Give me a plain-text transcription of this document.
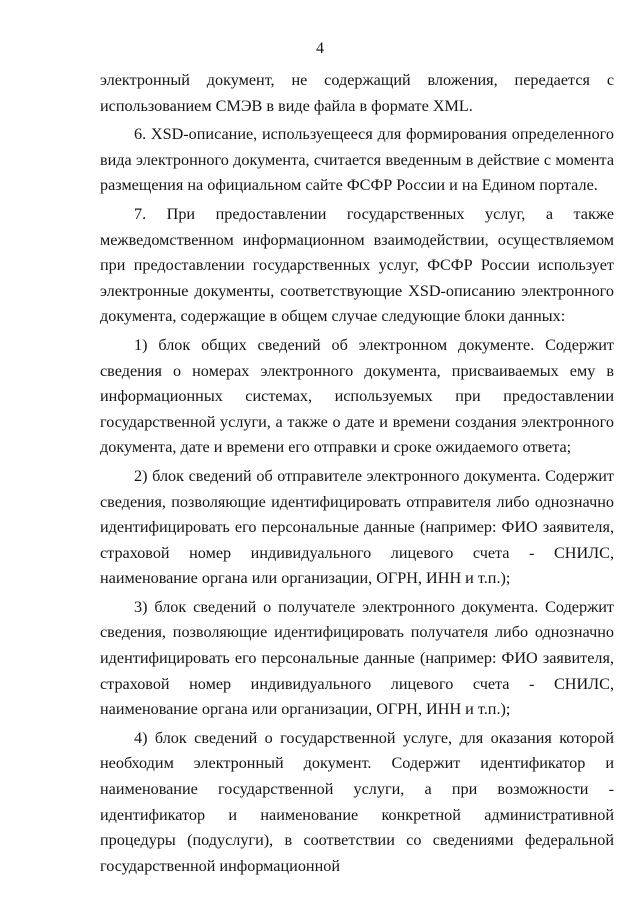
4

электронный документ, не содержащий вложения, передается с использованием СМЭВ в виде файла в формате XML.

6. XSD-описание, используещееся для формирования определенного вида электронного документа, считается введенным в действие с момента размещения на официальном сайте ФСФР России и на Едином портале.

7. При предоставлении государственных услуг, а также межведомственном информационном взаимодействии, осуществляемом при предоставлении государственных услуг, ФСФР России использует электронные документы, соответствующие XSD-описанию электронного документа, содержащие в общем случае следующие блоки данных:

1) блок общих сведений об электронном документе. Содержит сведения о номерах электронного документа, присваиваемых ему в информационных системах, используемых при предоставлении государственной услуги, а также о дате и времени создания электронного документа, дате и времени его отправки и сроке ожидаемого ответа;

2) блок сведений об отправителе электронного документа. Содержит сведения, позволяющие идентифицировать отправителя либо однозначно идентифицировать его персональные данные (например: ФИО заявителя, страховой номер индивидуального лицевого счета - СНИЛС, наименование органа или организации, ОГРН, ИНН и т.п.);

3) блок сведений о получателе электронного документа. Содержит сведения, позволяющие идентифицировать получателя либо однозначно идентифицировать его персональные данные (например: ФИО заявителя, страховой номер индивидуального лицевого счета - СНИЛС, наименование органа или организации, ОГРН, ИНН и т.п.);

4) блок сведений о государственной услуге, для оказания которой необходим электронный документ. Содержит идентификатор и наименование государственной услуги, а при возможности - идентификатор и наименование конкретной административной процедуры (подуслуги), в соответствии со сведениями федеральной государственной информационной
